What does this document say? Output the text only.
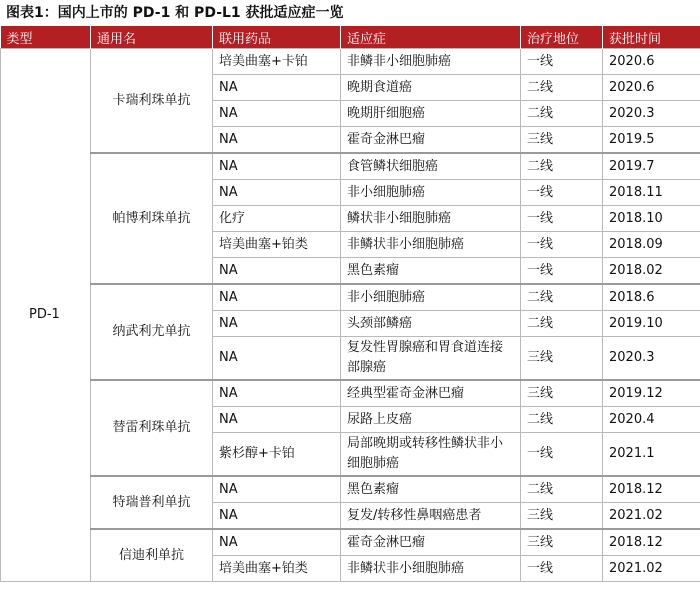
图表1：国内上市的 PD-1 和 PD-L1 获批适应症一览
类型	通用名	联用药品	适应症	治疗地位	获批时间
PD-1	卡瑞利珠单抗	培美曲塞+卡铂	非鳞非小细胞肺癌	一线	2020.6
		NA	晚期食道癌	二线	2020.6
		NA	晚期肝细胞癌	二线	2020.3
		NA	霍奇金淋巴瘤	三线	2019.5
	帕博利珠单抗	NA	食管鳞状细胞癌	二线	2019.7
		NA	非小细胞肺癌	一线	2018.11
		化疗	鳞状非小细胞肺癌	一线	2018.10
		培美曲塞+铂类	非鳞状非小细胞肺癌	一线	2018.09
		NA	黑色素瘤	一线	2018.02
	纳武利尤单抗	NA	非小细胞肺癌	二线	2018.6
		NA	头颈部鳞癌	二线	2019.10
		NA	复发性胃腺癌和胃食道连接部腺癌	三线	2020.3
	替雷利珠单抗	NA	经典型霍奇金淋巴瘤	三线	2019.12
		NA	尿路上皮癌	二线	2020.4
		紫杉醇+卡铂	局部晚期或转移性鳞状非小细胞肺癌	一线	2021.1
	特瑞普利单抗	NA	黑色素瘤	二线	2018.12
		NA	复发/转移性鼻咽癌患者	三线	2021.02
	信迪利单抗	NA	霍奇金淋巴瘤	三线	2018.12
		培美曲塞+铂类	非鳞状非小细胞肺癌	一线	2021.02
